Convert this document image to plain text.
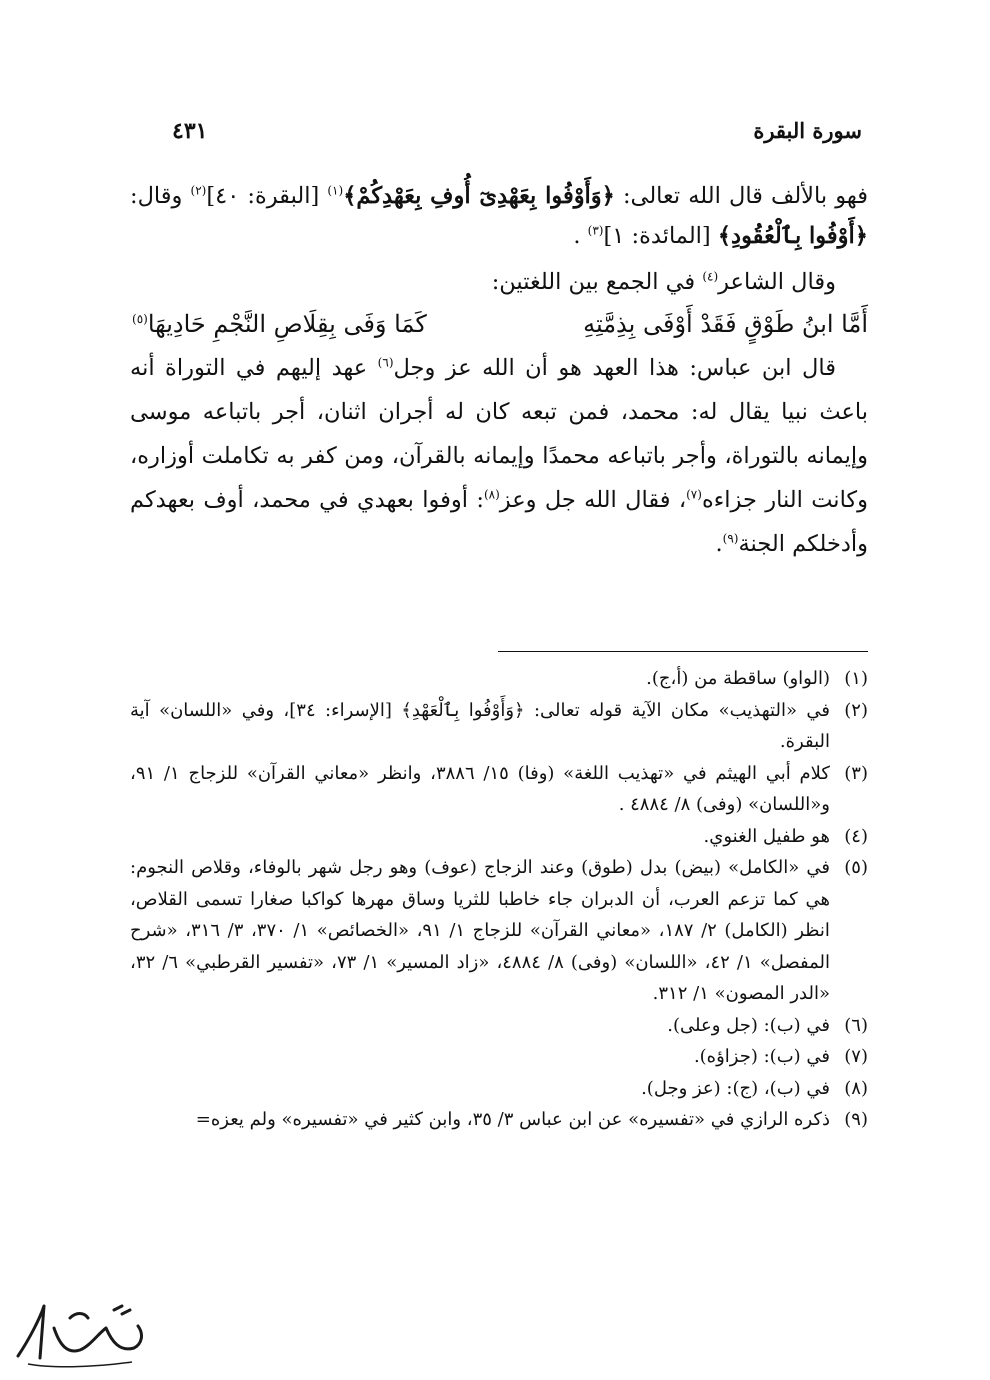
سورة البقرة
٤٣١

فهو بالألف قال الله تعالى: ﴿وَأَوْفُوا بِعَهْدِىٓ أُوفِ بِعَهْدِكُمْ﴾$^{(١)}$ [البقرة: ٤٠]$^{(٢)}$ وقال: ﴿أَوْفُوا بِٱلْعُقُودِ﴾ [المائدة: ١]$^{(٣)}$ .

وقال الشاعر$^{(٤)}$ في الجمع بين اللغتين:

أَمَّا ابنُ طَوْقٍ فَقَدْ أَوْفَى بِذِمَّتِهِ
كَمَا وَفَى بِقِلَاصِ النَّجْمِ حَادِيهَا$^{(٥)}$

قال ابن عباس: هذا العهد هو أن الله عز وجل$^{(٦)}$ عهد إليهم في التوراة أنه باعث نبيا يقال له: محمد، فمن تبعه كان له أجران اثنان، أجر باتباعه موسى وإيمانه بالتوراة، وأجر باتباعه محمدًا وإيمانه بالقرآن، ومن كفر به تكاملت أوزاره، وكانت النار جزاءه$^{(٧)}$، فقال الله جل وعز$^{(٨)}$: أوفوا بعهدي في محمد، أوف بعهدكم وأدخلكم الجنة$^{(٩)}$.

(١)
(الواو) ساقطة من (أ،ج).
(٢)
في «التهذيب» مكان الآية قوله تعالى: ﴿وَأَوْفُوا بِٱلْعَهْدِ﴾ [الإسراء: ٣٤]، وفي «اللسان» آية البقرة.
(٣)
كلام أبي الهيثم في «تهذيب اللغة» (وفا) ١٥/ ٣٨٨٦، وانظر «معاني القرآن» للزجاج ١/ ٩١، و«اللسان» (وفى) ٨/ ٤٨٨٤ .
(٤)
هو طفيل الغنوي.
(٥)
في «الكامل» (بيض) بدل (طوق) وعند الزجاج (عوف) وهو رجل شهر بالوفاء، وقلاص النجوم: هي كما تزعم العرب، أن الدبران جاء خاطبا للثريا وساق مهرها كواكبا صغارا تسمى القلاص، انظر (الكامل) ٢/ ١٨٧، «معاني القرآن» للزجاج ١/ ٩١، «الخصائص» ١/ ٣٧٠، ٣/ ٣١٦، «شرح المفصل» ١/ ٤٢، «اللسان» (وفى) ٨/ ٤٨٨٤، «زاد المسير» ١/ ٧٣، «تفسير القرطبي» ٦/ ٣٢، «الدر المصون» ١/ ٣١٢.
(٦)
في (ب): (جل وعلى).
(٧)
في (ب): (جزاؤه).
(٨)
في (ب)، (ج): (عز وجل).
(٩)
ذكره الرازي في «تفسيره» عن ابن عباس ٣/ ٣٥، وابن كثير في «تفسيره» ولم يعزه=
